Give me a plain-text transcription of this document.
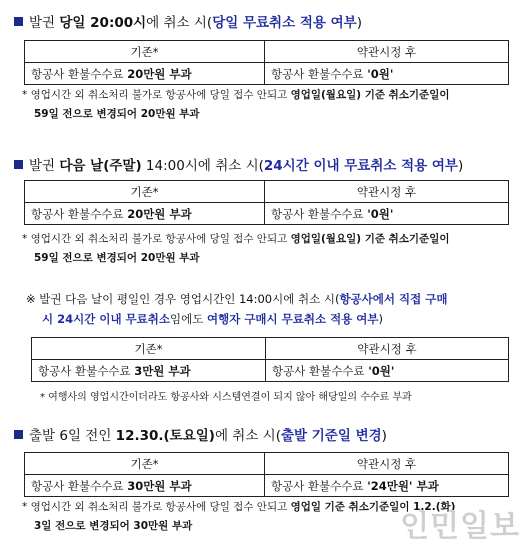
발권 당일 20:00시에 취소 시(당일 무료취소 적용 여부)
기존*	약관시정 후
항공사 환불수수료 20만원 부과	항공사 환불수수료 '0원'
* 영업시간 외 취소처리 불가로 항공사에 당일 접수 안되고 영업일(월요일) 기준 취소기준일이
59일 전으로 변경되어 20만원 부과
발권 다음 날(주말) 14:00시에 취소 시(24시간 이내 무료취소 적용 여부)
기존*	약관시정 후
항공사 환불수수료 20만원 부과	항공사 환불수수료 '0원'
* 영업시간 외 취소처리 불가로 항공사에 당일 접수 안되고 영업일(월요일) 기준 취소기준일이
59일 전으로 변경되어 20만원 부과
※ 발권 다음 날이 평일인 경우 영업시간인 14:00시에 취소 시(항공사에서 직접 구매
시 24시간 이내 무료취소임에도 여행자 구매시 무료취소 적용 여부)
기존*	약관시정 후
항공사 환불수수료 3만원 부과	항공사 환불수수료 '0원'
* 여행사의 영업시간이더라도 항공사와 시스템연결이 되지 않아 해당일의 수수료 부과
출발 6일 전인 12.30.(토요일)에 취소 시(출발 기준일 변경)
기존*	약관시정 후
항공사 환불수수료 30만원 부과	항공사 환불수수료 '24만원' 부과
* 영업시간 외 취소처리 불가로 항공사에 당일 접수 안되고 영업일 기준 취소기준일이 1.2.(화)
3일 전으로 변경되어 30만원 부과	인민일보
